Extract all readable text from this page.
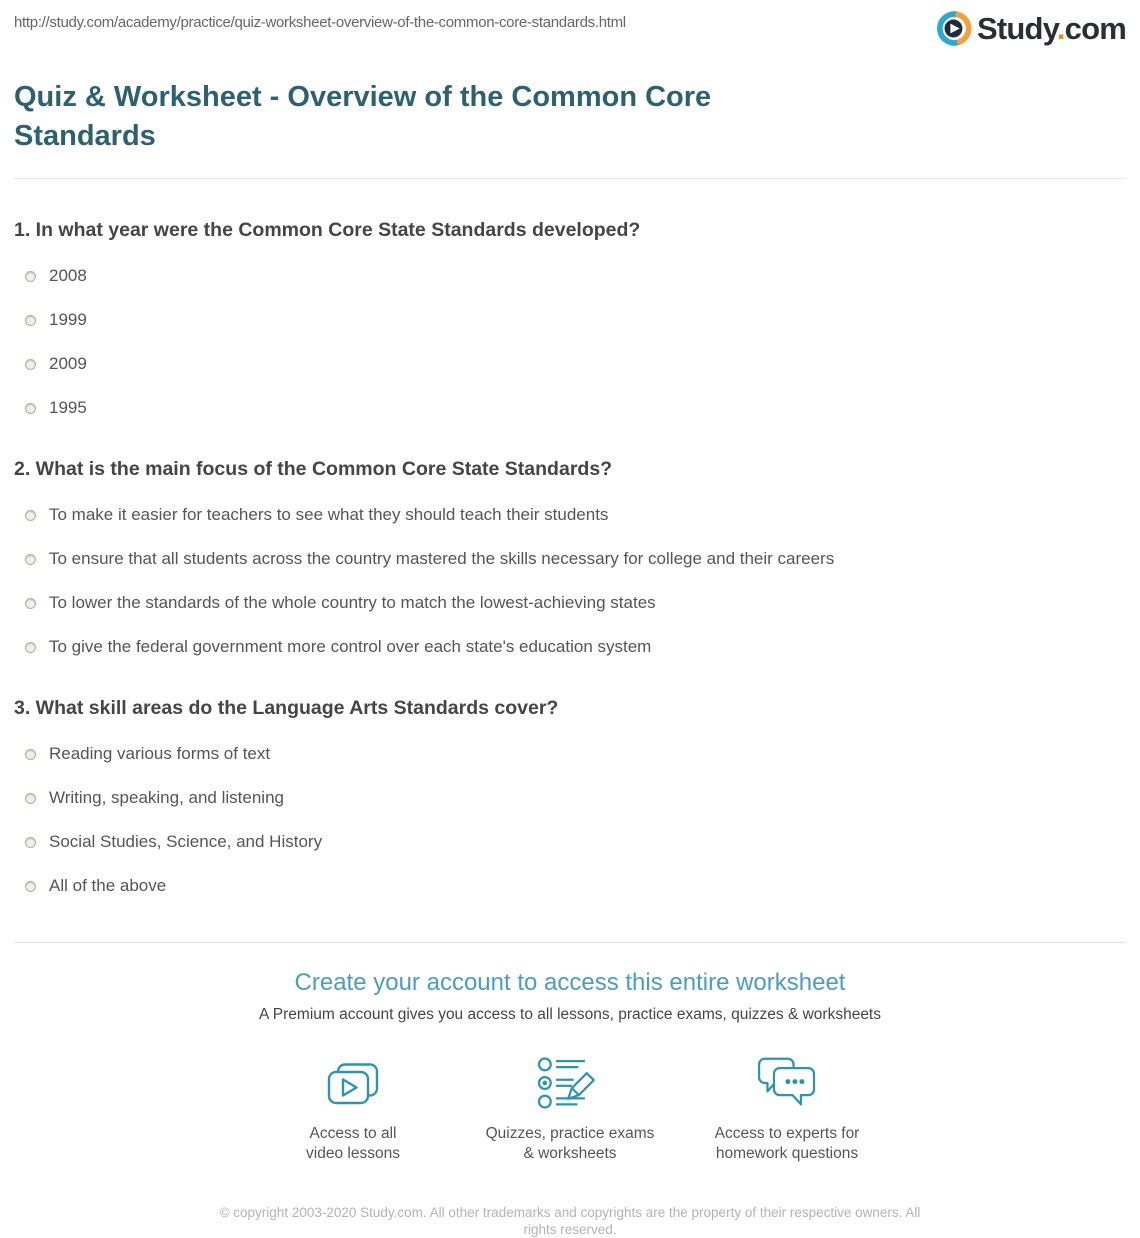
http://study.com/academy/practice/quiz-worksheet-overview-of-the-common-core-standards.html	Study.com
Quiz & Worksheet - Overview of the Common Core Standards
1. In what year were the Common Core State Standards developed?
2008
1999
2009
1995
2. What is the main focus of the Common Core State Standards?
To make it easier for teachers to see what they should teach their students
To ensure that all students across the country mastered the skills necessary for college and their careers
To lower the standards of the whole country to match the lowest-achieving states
To give the federal government more control over each state's education system
3. What skill areas do the Language Arts Standards cover?
Reading various forms of text
Writing, speaking, and listening
Social Studies, Science, and History
All of the above
Create your account to access this entire worksheet

A Premium account gives you access to all lessons, practice exams, quizzes & worksheets

Access to all
video lessons
Quizzes, practice exams
& worksheets
Access to experts for
homework questions
© copyright 2003-2020 Study.com. All other trademarks and copyrights are the property of their respective owners. All rights reserved.
